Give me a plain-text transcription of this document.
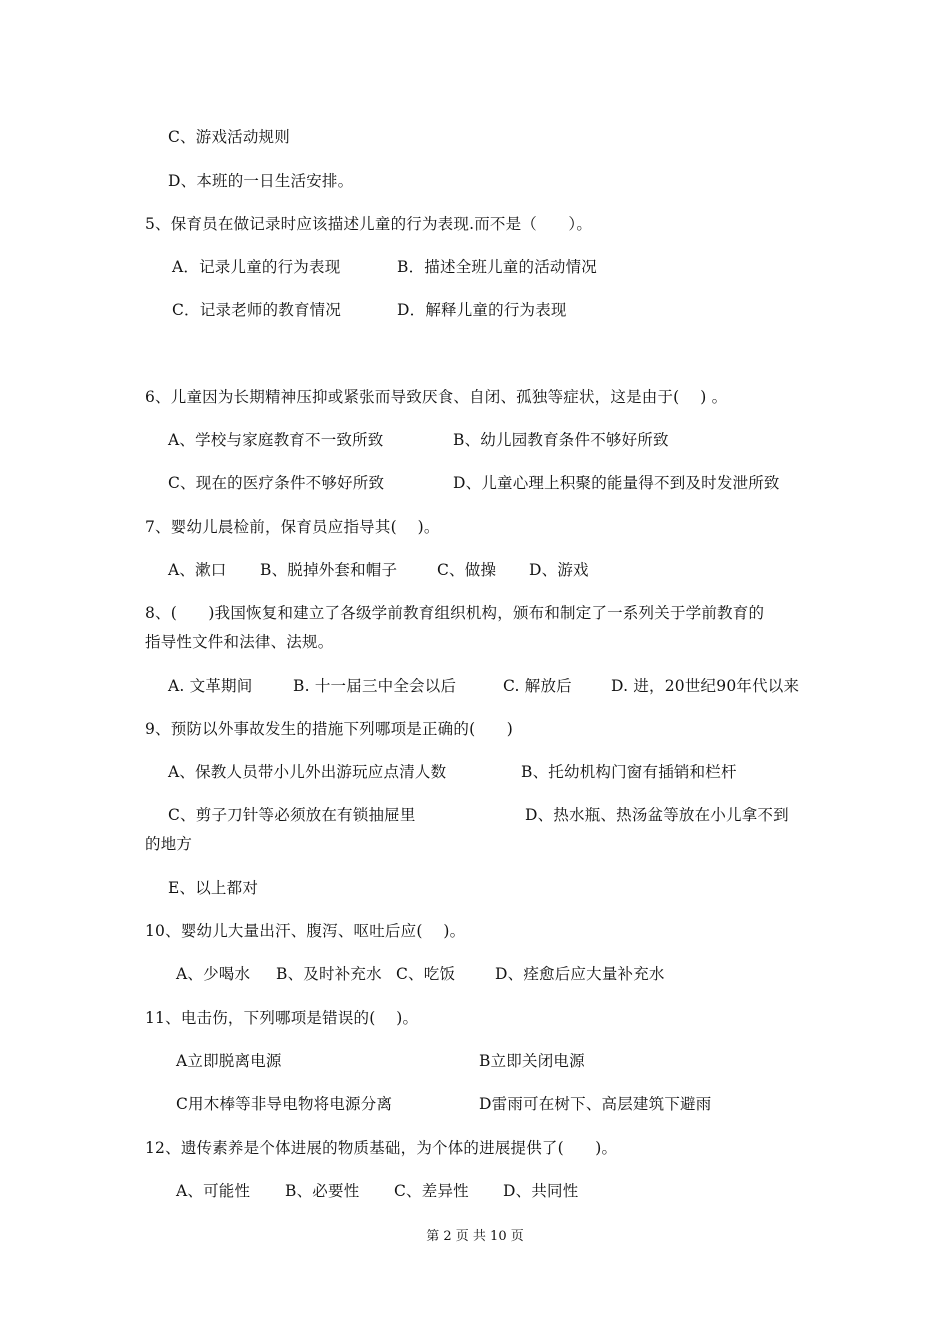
C、游戏活动规则
D、本班的一日生活安排。
5、保育员在做记录时应该描述儿童的行为表现.而不是（　　）。
A．记录儿童的行为表现	B．描述全班儿童的活动情况
C．记录老师的教育情况	D．解释儿童的行为表现
6、儿童因为长期精神压抑或紧张而导致厌食、自闭、孤独等症状，这是由于(　 ) 。
A、学校与家庭教育不一致所致	B、幼儿园教育条件不够好所致
C、现在的医疗条件不够好所致	D、儿童心理上积聚的能量得不到及时发泄所致
7、婴幼儿晨检前，保育员应指导其(　 )。
A、漱口 B、脱掉外套和帽子	C、做操 D、游戏
8、(　　)我国恢复和建立了各级学前教育组织机构，颁布和制定了一系列关于学前教育的
指导性文件和法律、法规。
A. 文革期间	B. 十一届三中全会以后	C. 解放后	D. 进，20世纪90年代以来
9、预防以外事故发生的措施下列哪项是正确的(　　)
A、保教人员带小儿外出游玩应点清人数	B、托幼机构门窗有插销和栏杆
C、剪子刀针等必须放在有锁抽屉里	D、热水瓶、热汤盆等放在小儿拿不到
的地方
E、以上都对
10、婴幼儿大量出汗、腹泻、呕吐后应(　 )。
A、少喝水 B、及时补充水 C、吃饭	D、痊愈后应大量补充水
11、电击伤，下列哪项是错误的(　 )。
A立即脱离电源	B立即关闭电源
C用木棒等非导电物将电源分离	D雷雨可在树下、高层建筑下避雨
12、遗传素养是个体进展的物质基础，为个体的进展提供了(　　)。
A、可能性 B、必要性 C、差异性 D、共同性
第 2 页 共 10 页
